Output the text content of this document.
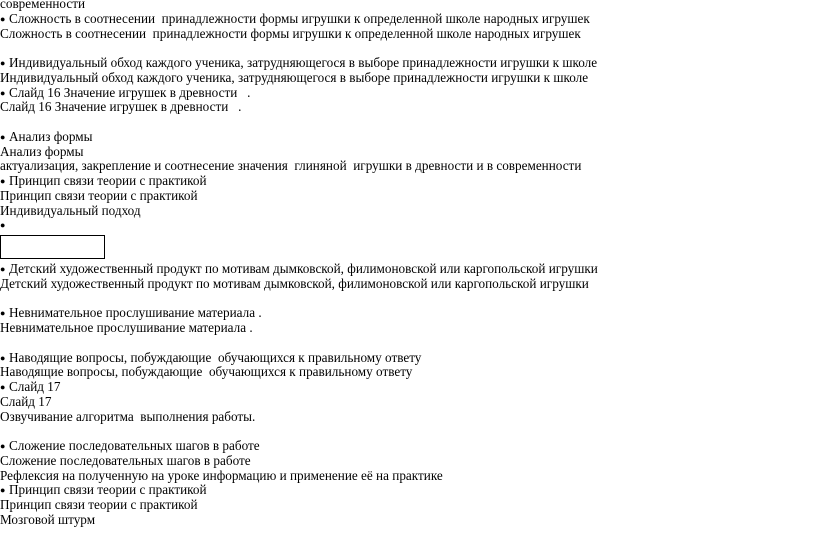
современности
● Сложность в соотнесении  принадлежности формы игрушки к определенной школе народных игрушек
Сложность в соотнесении  принадлежности формы игрушки к определенной школе народных игрушек
● Индивидуальный обход каждого ученика, затрудняющегося в выборе принадлежности игрушки к школе
Индивидуальный обход каждого ученика, затрудняющегося в выборе принадлежности игрушки к школе
● Слайд 16 Значение игрушек в древности   .
Слайд 16 Значение игрушек в древности   .
● Анализ формы
Анализ формы
актуализация, закрепление и соотнесение значения  глиняной  игрушки в древности и в современности
● Принцип связи теории с практикой
Принцип связи теории с практикой
Индивидуальный подход
●
● Детский художественный продукт по мотивам дымковской, филимоновской или каргопольской игрушки
Детский художественный продукт по мотивам дымковской, филимоновской или каргопольской игрушки
● Невнимательное прослушивание материала .
Невнимательное прослушивание материала .
● Наводящие вопросы, побуждающие  обучающихся к правильному ответу
Наводящие вопросы, побуждающие  обучающихся к правильному ответу
● Слайд 17
Слайд 17
Озвучивание алгоритма  выполнения работы.
● Сложение последовательных шагов в работе
Сложение последовательных шагов в работе
Рефлексия на полученную на уроке информацию и применение её на практике
● Принцип связи теории с практикой
Принцип связи теории с практикой
Мозговой штурм
